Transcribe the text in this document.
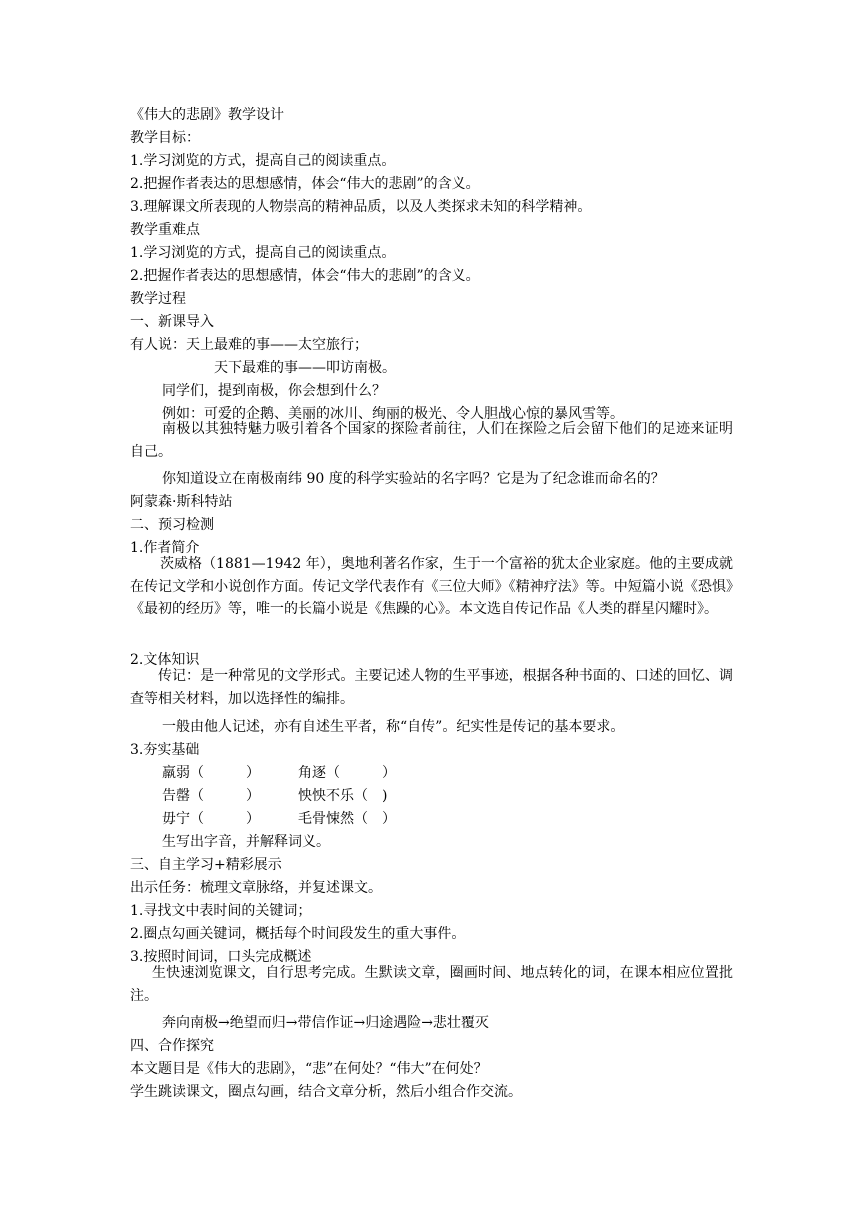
《伟大的悲剧》教学设计
教学目标：
1.学习浏览的方式，提高自己的阅读重点。
2.把握作者表达的思想感情，体会“伟大的悲剧”的含义。
3.理解课文所表现的人物崇高的精神品质，以及人类探求未知的科学精神。
教学重难点
1.学习浏览的方式，提高自己的阅读重点。
2.把握作者表达的思想感情，体会“伟大的悲剧”的含义。
教学过程
一、新课导入
有人说：天上最难的事——太空旅行；
天下最难的事——叩访南极。
同学们，提到南极，你会想到什么？
例如：可爱的企鹅、美丽的冰川、绚丽的极光、令人胆战心惊的暴风雪等。
南极以其独特魅力吸引着各个国家的探险者前往，人们在探险之后会留下他们的足迹来证明自己。
你知道设立在南极南纬 90 度的科学实验站的名字吗？它是为了纪念谁而命名的？
阿蒙森·斯科特站
二、预习检测
1.作者简介
茨威格（1881—1942 年），奥地利著名作家，生于一个富裕的犹太企业家庭。他的主要成就在传记文学和小说创作方面。传记文学代表作有《三位大师》《精神疗法》等。中短篇小说《恐惧》《最初的经历》等，唯一的长篇小说是《焦躁的心》。本文选自传记作品《人类的群星闪耀时》。
2.文体知识
传记：是一种常见的文学形式。主要记述人物的生平事迹，根据各种书面的、口述的回忆、调查等相关材料，加以选择性的编排。
一般由他人记述，亦有自述生平者，称“自传”。纪实性是传记的基本要求。
3.夯实基础
羸弱（　　　）	角逐（　　　）
告罄（　　　）	怏怏不乐（　)
毋宁（　　　）	毛骨悚然（　）
生写出字音，并解释词义。
三、自主学习+精彩展示
出示任务：梳理文章脉络，并复述课文。
1.寻找文中表时间的关键词；
2.圈点勾画关键词，概括每个时间段发生的重大事件。
3.按照时间词，口头完成概述
生快速浏览课文，自行思考完成。生默读文章，圈画时间、地点转化的词，在课本相应位置批注。
奔向南极→绝望而归→带信作证→归途遇险→悲壮覆灭
四、合作探究
本文题目是《伟大的悲剧》，“悲”在何处？“伟大”在何处？
学生跳读课文，圈点勾画，结合文章分析，然后小组合作交流。
